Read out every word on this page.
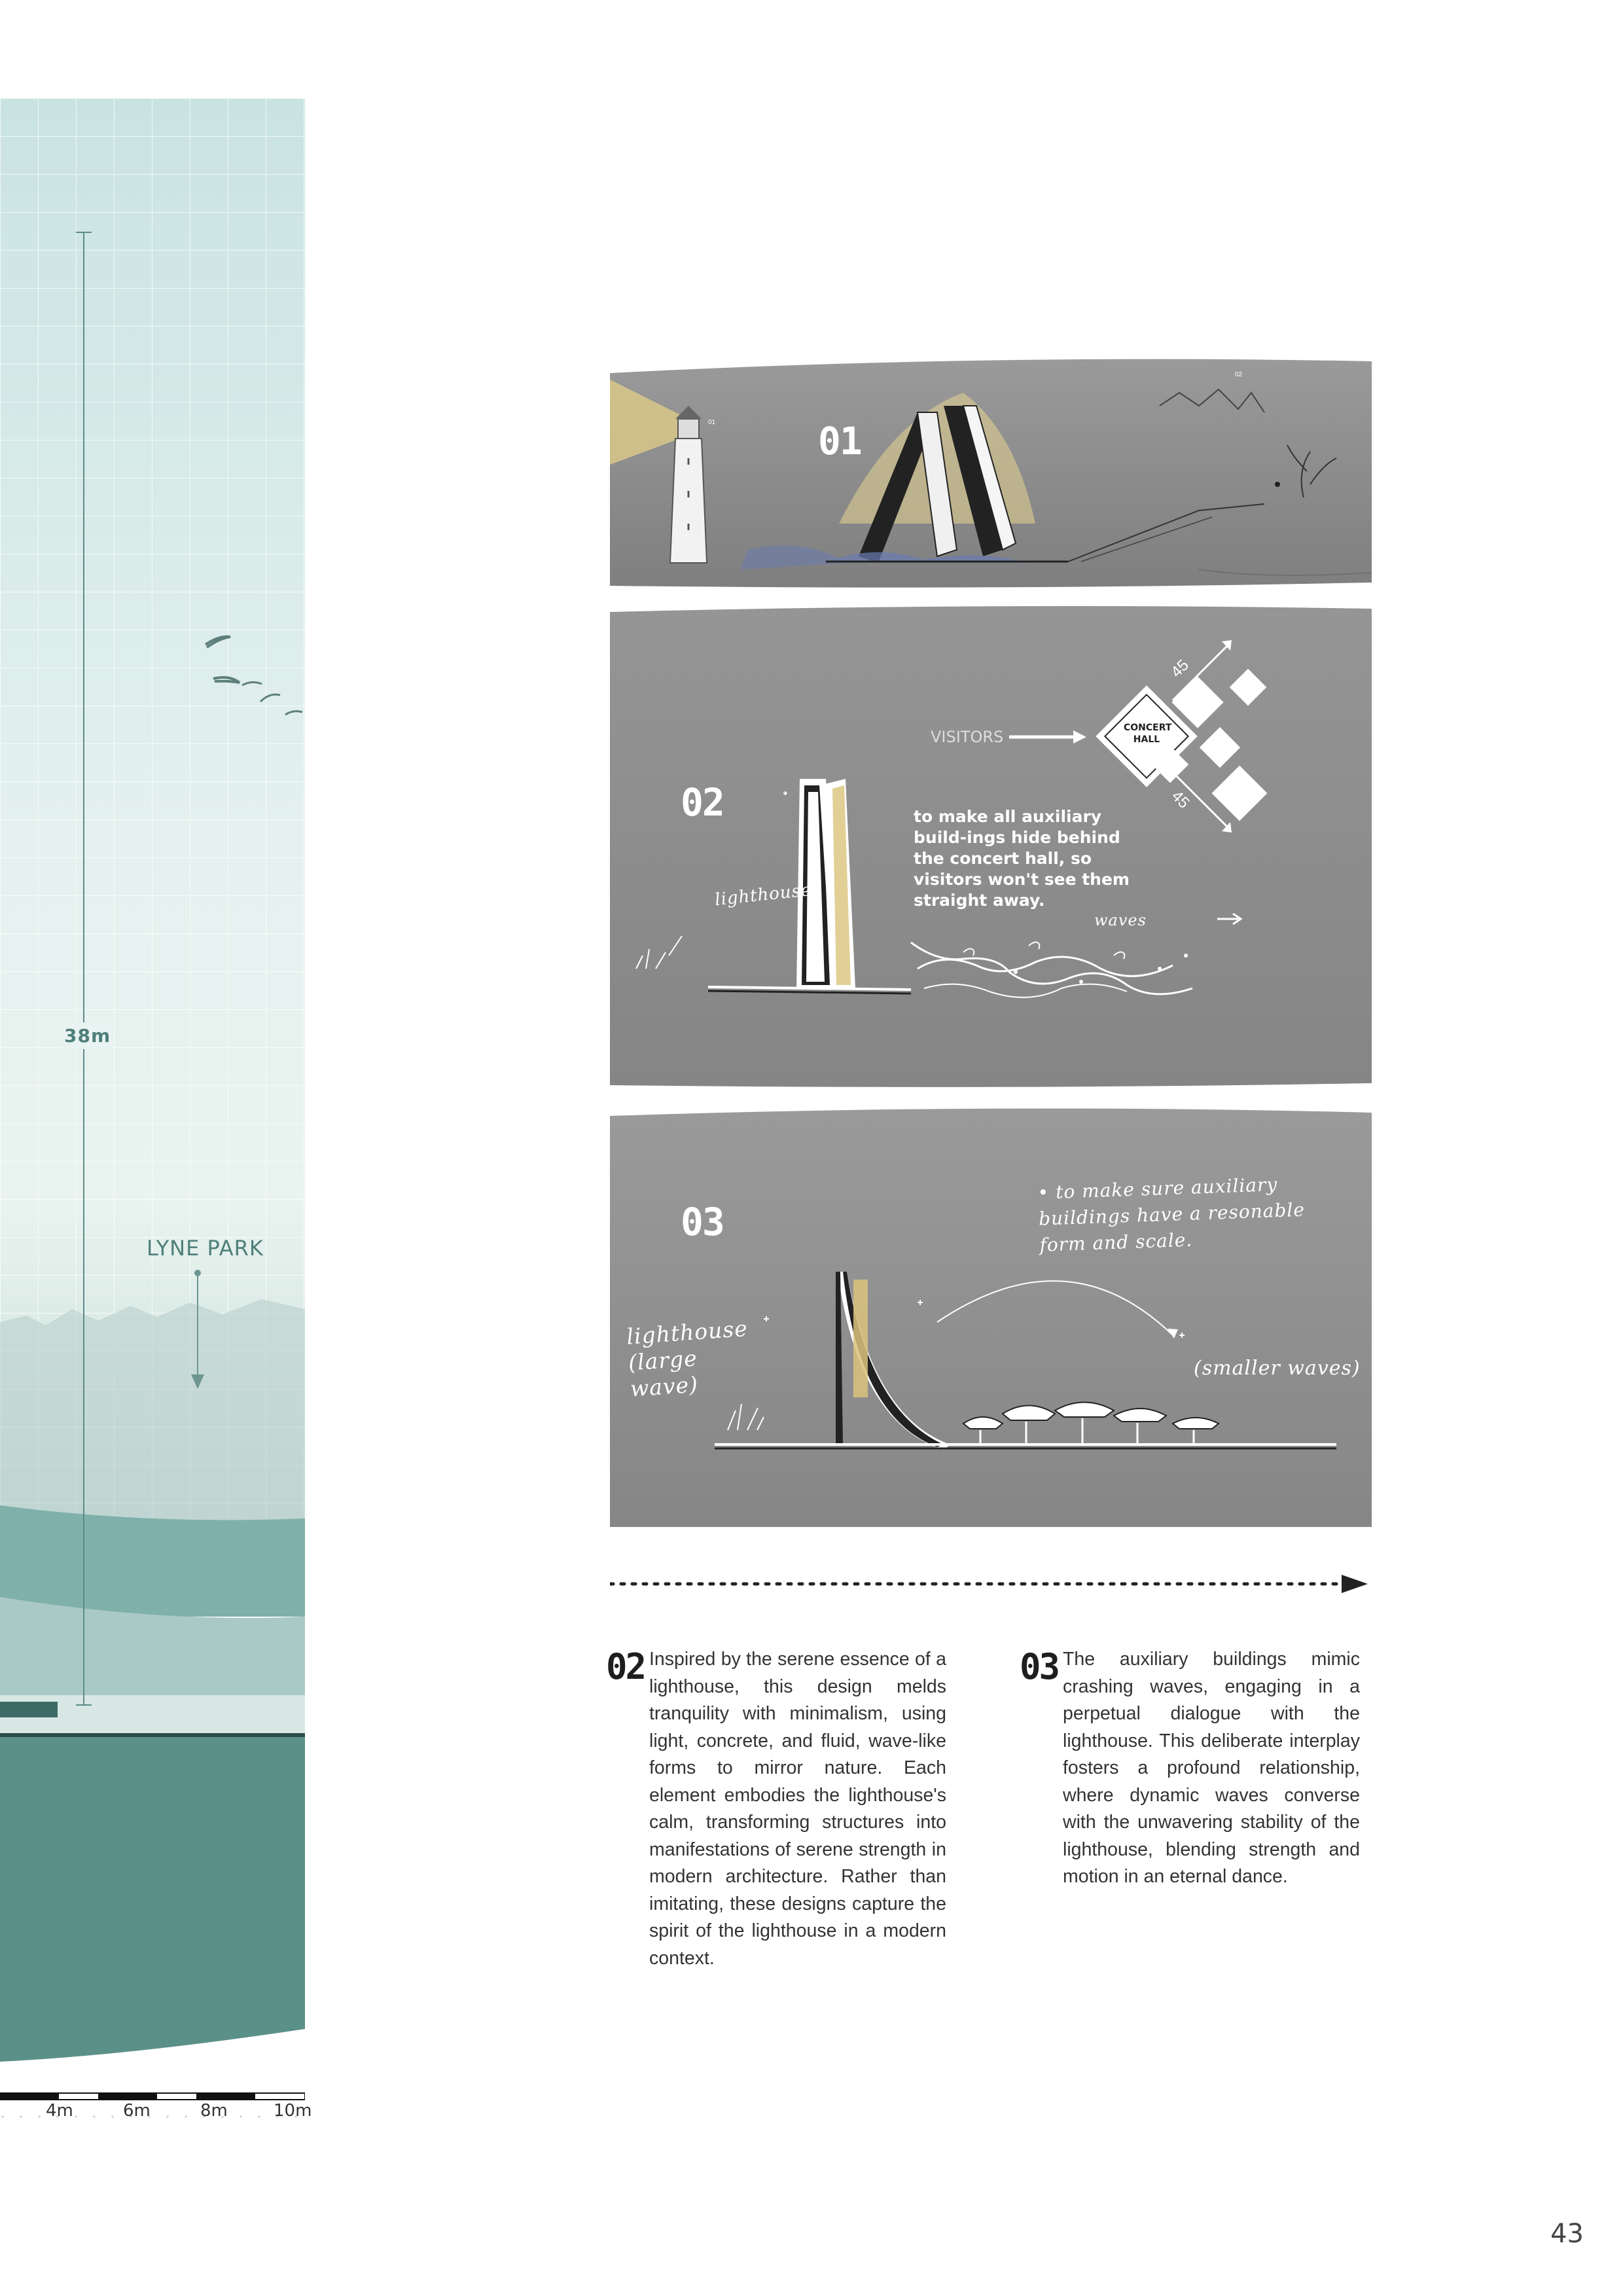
38m
LYNE PARK
4m	6m	8m	10m
01
02
01
02
VISITORS	CONCERT HALL
45
45
to make all auxiliary build-ings hide behind the concert hall, so visitors won't see them straight away.
lighthouse.
waves
03
• to make sure auxiliary buildings have a resonable form and scale.
lighthouse (large wave)
(smaller waves)
02 Inspired by the serene essence of a lighthouse, this design melds tranquility with minimalism, using light, concrete, and fluid, wave-like forms to mirror nature. Each element embodies the lighthouse's calm, transforming structures into manifestations of serene strength in modern architecture. Rather than imitating, these designs capture the spirit of the lighthouse in a modern context.
03 The auxiliary buildings mimic crashing waves, engaging in a perpetual dialogue with the lighthouse. This deliberate interplay fosters a profound relationship, where dynamic waves converse with the unwavering stability of the lighthouse, blending strength and motion in an eternal dance.
43
